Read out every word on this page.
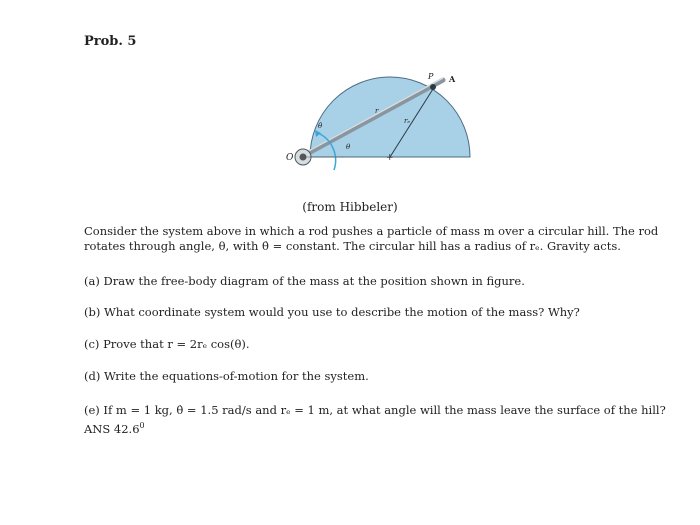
Prob. 5
+
P A
O
r
rₑ
θ
θ̇
(from Hibbeler)
Consider the system above in which a rod pushes a particle of mass m over a circular hill. The rod rotates through angle, θ, with θ̇ = constant. The circular hill has a radius of rₑ. Gravity acts.
(a) Draw the free-body diagram of the mass at the position shown in figure.
(b) What coordinate system would you use to describe the motion of the mass? Why?
(c) Prove that r = 2rₑ cos(θ).
(d) Write the equations-of-motion for the system.
(e) If m = 1 kg, θ̇ = 1.5 rad/s and rₑ = 1 m, at what angle will the mass leave the surface of the hill?
ANS 42.6$^0$
